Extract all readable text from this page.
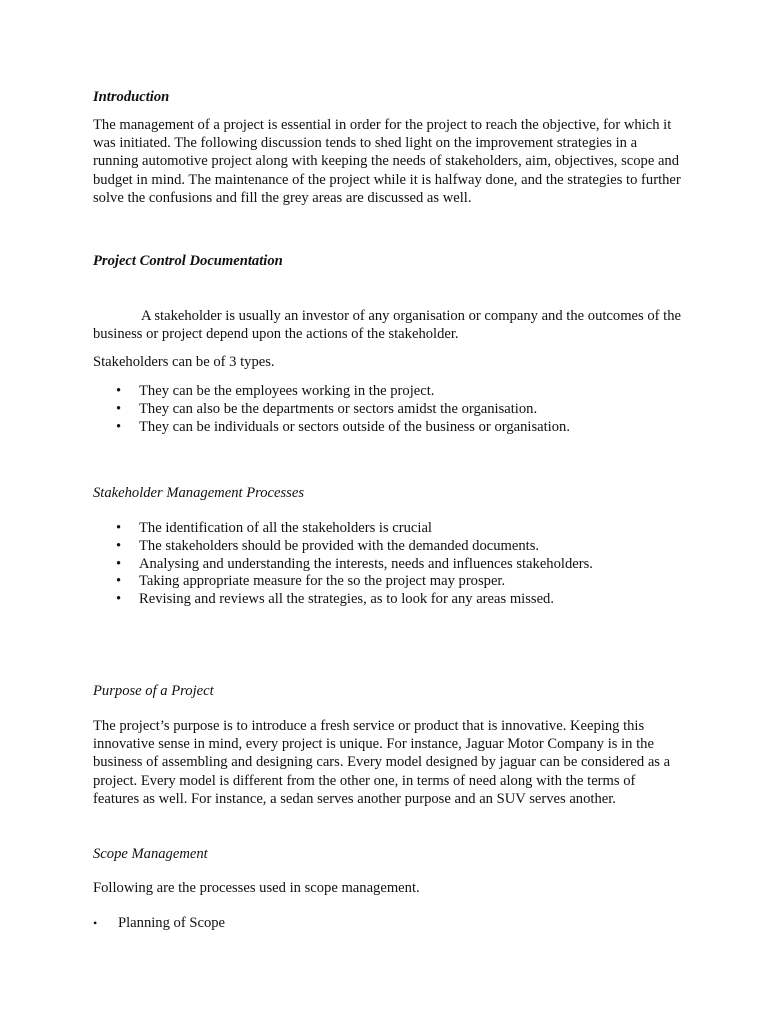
Introduction

The management of a project is essential in order for the project to reach the objective, for which it was initiated. The following discussion tends to shed light on the improvement strategies in a running automotive project along with keeping the needs of stakeholders, aim, objectives, scope and budget in mind. The maintenance of the project while it is halfway done, and the strategies to further solve the confusions and fill the grey areas are discussed as well.

Project Control Documentation

A stakeholder is usually an investor of any organisation or company and the outcomes of the business or project depend upon the actions of the stakeholder.

Stakeholders can be of 3 types.

• They can be the employees working in the project.
• They can also be the departments or sectors amidst the organisation.
• They can be individuals or sectors outside of the business or organisation.

Stakeholder Management Processes

• The identification of all the stakeholders is crucial
• The stakeholders should be provided with the demanded documents.
• Analysing and understanding the interests, needs and influences stakeholders.
• Taking appropriate measure for the so the project may prosper.
• Revising and reviews all the strategies, as to look for any areas missed.

Purpose of a Project

The project’s purpose is to introduce a fresh service or product that is innovative. Keeping this innovative sense in mind, every project is unique. For instance, Jaguar Motor Company is in the business of assembling and designing cars. Every model designed by jaguar can be considered as a project. Every model is different from the other one, in terms of need along with the terms of features as well. For instance, a sedan serves another purpose and an SUV serves another.

Scope Management

Following are the processes used in scope management.

• Planning of Scope
